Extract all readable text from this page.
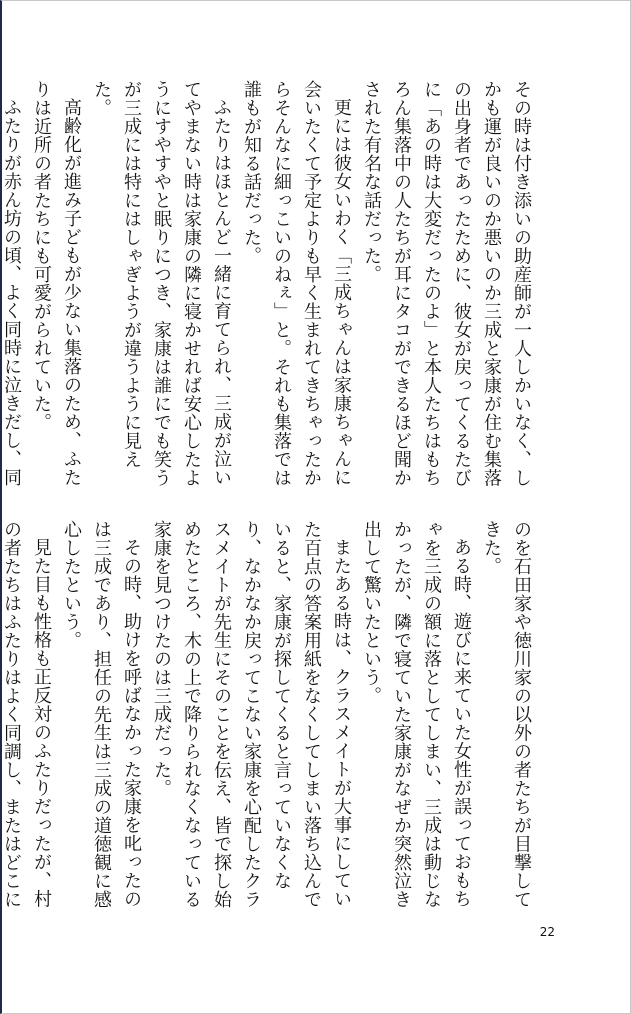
その時は付き添いの助産師が一人しかいなく、しかも運が良いのか悪いのか三成と家康が住む集落の出身者であったために、彼女が戻ってくるたびに「あの時は大変だったのよ」と本人たちはもちろん集落中の人たちが耳にタコができるほど聞かされた有名な話だった。

更には彼女いわく「三成ちゃんは家康ちゃんに会いたくて予定よりも早く生まれてきちゃったからそんなに細っこいのねぇ」と。それも集落では誰もが知る話だった。

ふたりはほとんど一緒に育てられ、三成が泣いてやまない時は家康の隣に寝かせれば安心したようにすやすやと眠りにつき、家康は誰にでも笑うが三成には特にはしゃぎようが違うように見えた。

高齢化が進み子どもが少ない集落のため、ふたりは近所の者たちにも可愛がられていた。

ふたりが赤ん坊の頃、よく同時に泣きだし、同

のを石田家や徳川家の以外の者たちが目撃してきた。

ある時、遊びに来ていた女性が誤っておもちゃを三成の額に落としてしまい、三成は動じなかったが、隣で寝ていた家康がなぜか突然泣き出して驚いたという。

またある時は、クラスメイトが大事にしていた百点の答案用紙をなくしてしまい落ち込んでいると、家康が探してくると言っていなくなり、なかなか戻ってこない家康を心配したクラスメイトが先生にそのことを伝え、皆で探し始めたところ、木の上で降りられなくなっている家康を見つけたのは三成だった。

その時、助けを呼ばなかった家康を叱ったのは三成であり、担任の先生は三成の道徳観に感心したという。

見た目も性格も正反対のふたりだったが、村の者たちはふたりはよく同調し、またはどこに

22
